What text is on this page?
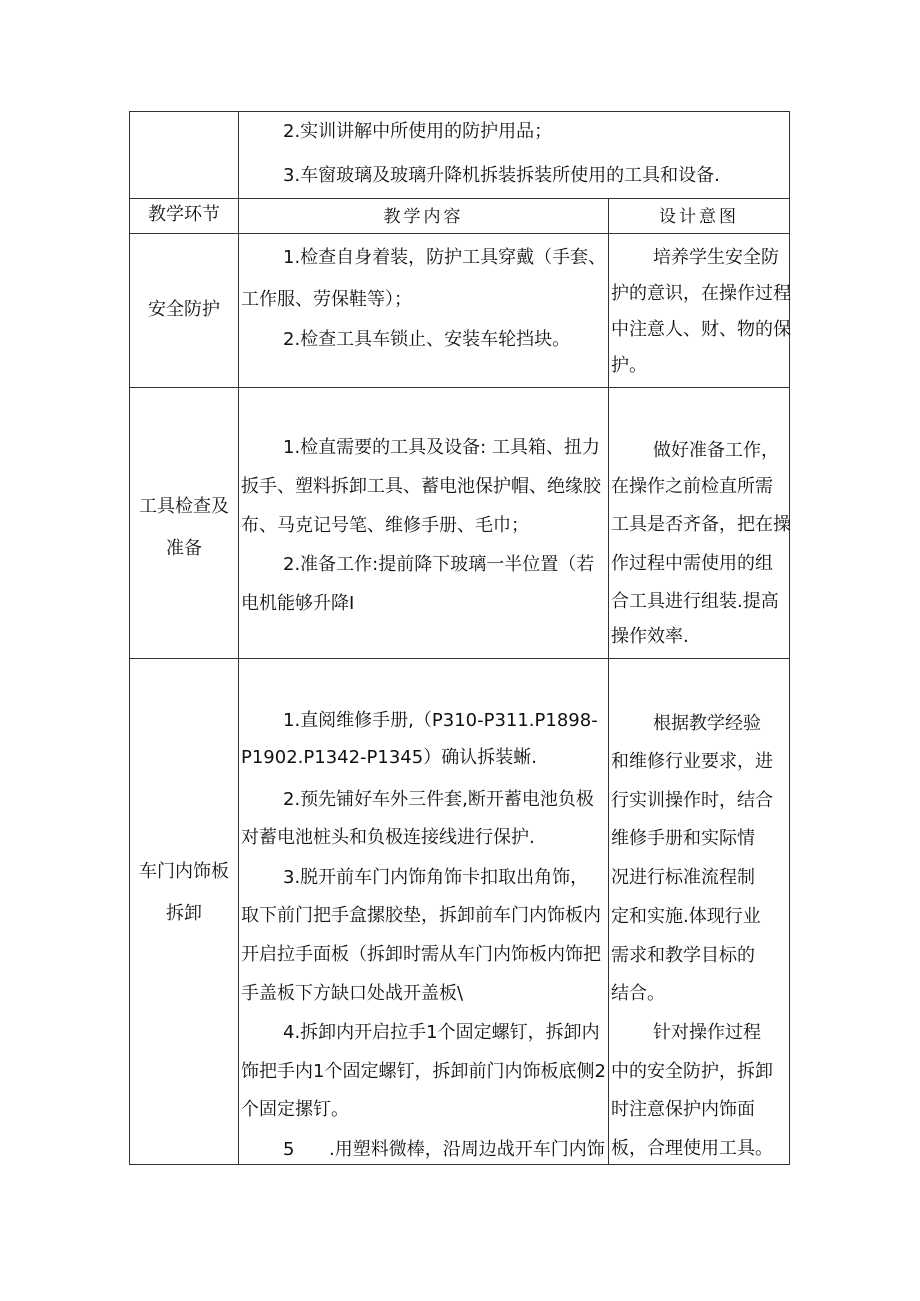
2.实训讲解中所使用的防护用品；
3.车窗玻璃及玻璃升降机拆装拆装所使用的工具和设备.
教学环节	教学内容	设计意图
安全防护
1.检查自身着装，防护工具穿戴（手套、
工作服、劳保鞋等）；
2.检查工具车锁止、安装车轮挡块。
培养学生安全防
护的意识，在操作过程
中注意人、财、物的保
护。
工具检查及
准备
1.检直需要的工具及设备: 工具箱、扭力
扳手、塑料拆卸工具、蓄电池保护帽、绝缘胶
布、马克记号笔、维修手册、毛巾；
2.准备工作:提前降下玻璃一半位置（若
电机能够升降I
做好准备工作，
在操作之前检直所需
工具是否齐备，把在操
作过程中需使用的组
合工具进行组装.提高
操作效率.
车门内饰板
拆卸
1.直阅维修手册,（P310-P311.P1898-
P1902.P1342-P1345）确认拆装蜥.
2.预先铺好车外三件套,断开蓄电池负极
对蓄电池桩头和负极连接线进行保护.
3.脱开前车门内饰角饰卡扣取出角饰，
取下前门把手盒摞胶垫，拆卸前车门内饰板内
开启拉手面板（拆卸时需从车门内饰板内饰把
手盖板下方缺口处战开盖板\
4.拆卸内开启拉手1个固定螺钉，拆卸内
饰把手内1个固定螺钉，拆卸前门内饰板底侧2
个固定摞钉。
5 .用塑料微棒，沿周边战开车门内饰
根据教学经验
和维修行业要求，进
行实训操作时，结合
维修手册和实际情
况进行标准流程制
定和实施.体现行业
需求和教学目标的
结合。
针对操作过程
中的安全防护，拆卸
时注意保护内饰面
板，合理使用工具。
